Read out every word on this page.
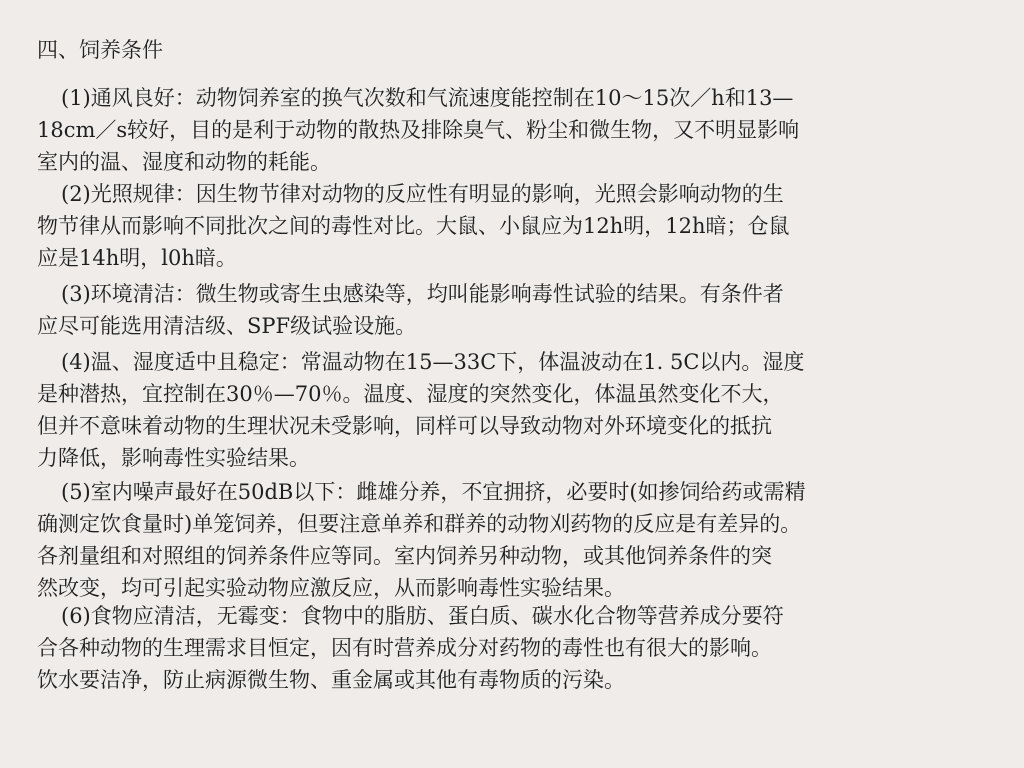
四、饲养条件
(1)通风良好：动物饲养室的换气次数和气流速度能控制在10～15次／h和13—
18cm／s较好，目的是利于动物的散热及排除臭气、粉尘和微生物，又不明显影响
室内的温、湿度和动物的耗能。
(2)光照规律：因生物节律对动物的反应性有明显的影响，光照会影响动物的生
物节律从而影响不同批次之间的毒性对比。大鼠、小鼠应为12h明，12h暗；仓鼠
应是14h明，l0h暗。
(3)环境清洁：微生物或寄生虫感染等，均叫能影响毒性试验的结果。有条件者
应尽可能选用清洁级、SPF级试验设施。
(4)温、湿度适中且稳定：常温动物在15—33C下，体温波动在1. 5C以内。湿度
是种潜热，宜控制在30％—70％。温度、湿度的突然变化，体温虽然变化不大，
但并不意味着动物的生理状况未受影响，同样可以导致动物对外环境变化的抵抗
力降低，影响毒性实验结果。
(5)室内噪声最好在50dB以下：雌雄分养，不宜拥挤，必要时(如掺饲给药或需精
确测定饮食量时)单笼饲养，但要注意单养和群养的动物刈药物的反应是有差异的。
各剂量组和对照组的饲养条件应等同。室内饲养另种动物，或其他饲养条件的突
然改变，均可引起实验动物应激反应，从而影响毒性实验结果。
(6)食物应清洁，无霉变：食物中的脂肪、蛋白质、碳水化合物等营养成分要符
合各种动物的生理需求目恒定，因有时营养成分对药物的毒性也有很大的影响。
饮水要洁净，防止病源微生物、重金属或其他有毒物质的污染。
